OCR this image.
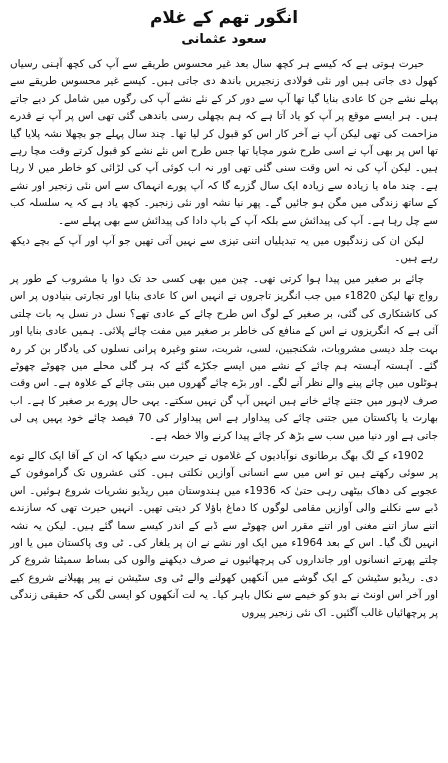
انگور تھم کے غلام
سعود عثمانی

حیرت ہوتی ہے کہ کیسے ہر کچھ سال بعد غیر محسوس طریقے سے آپ کی کچھ آہنی رسیاں کھول دی جاتی ہیں اور نئی فولادی زنجیریں باندھ دی جاتی ہیں۔ کیسے غیر محسوس طریقے سے پہلے نشے جن کا عادی بنایا گیا تھا آپ سے دور کر کے نئے نشے آپ کی رگوں میں شامل کر دیے جاتے ہیں۔ ہر ایسے موقع پر آپ کو یاد آتا ہے کہ ہم بچھلی رسی باندھی گئی تھی اس پر آپ نے قدرے مزاحمت کی تھی لیکن آپ نے آخر کار اس کو قبول کر لیا تھا۔ چند سال پہلے جو بچھلا نشہ پلایا گیا تھا اس پر بھی آپ نے اسی طرح شور مچایا تھا جس طرح اس نئے نشے کو قبول کرتے وقت مچا رہے ہیں۔ لیکن آپ کی نہ اس وقت سنی گئی تھی اور نہ اب کوئی آپ کی لڑائی کو خاطر میں لا رہا ہے۔ چند ماہ یا زیادہ سے زیادہ ایک سال گزرے گا کہ آپ پورے انہماک سے اس نئی زنجیر اور نشے کے ساتھ زندگی میں مگن ہو جائیں گے۔ پھر نیا نشہ اور نئی زنجیر۔ کچھ یاد ہے کہ یہ سلسلہ کب سے چل رہا ہے۔ آپ کی پیدائش سے بلکہ آپ کے باپ دادا کی پیدائش سے بھی پہلے سے۔

لیکن ان کی زندگیوں میں یہ تبدیلیاں اتنی تیزی سے نہیں آتی تھیں جو آپ اور آپ کے بچے دیکھ رہے ہیں۔

چائے بر صغیر میں پیدا ہوا کرتی تھی۔ چین میں بھی کسی حد تک دوا یا مشروب کے طور پر رواج تھا لیکن 1820ء میں جب انگریز تاجروں نے انہیں اس کا عادی بنایا اور تجارتی بنیادوں پر اس کی کاشتکاری کی گئی، بر صغیر کے لوگ اس طرح چائے کے عادی تھے؟ نسل در نسل یہ بات چلتی آئی ہے کہ انگریزوں نے اس کے منافع کی خاطر بر صغیر میں مفت چائے پلائی۔ ہمیں عادی بنایا اور بہت جلد دیسی مشروبات، شکنجبین، لسی، شربت، ستو وغیرہ پرانی نسلوں کی یادگار بن کر رہ گئے۔ آہستہ آہستہ ہم چائے کے نشے میں ایسے جکڑے گئے کہ ہر گلی محلے میں چھوٹے چھوٹے ہوٹلوں میں چائے پینے والے نظر آنے لگے۔ اور بڑے چائے گھروں میں بنتی چائے کے علاوہ ہے۔ اس وقت صرف لاہور میں جتنے چائے خانے ہیں انہیں آپ گن نہیں سکتے۔ یہی حال پورے بر صغیر کا ہے۔ اب بھارت یا پاکستان میں جتنی چائے کی پیداوار ہے اس پیداوار کی 70 فیصد چائے خود یہیں پی لی جاتی ہے اور دنیا میں سب سے بڑھ کر چائے پیدا کرنے والا خطہ ہے۔

1902ء کے لگ بھگ برطانوی نوآبادیوں کے غلاموں نے حیرت سے دیکھا کہ ان کے آقا ایک کالے توے پر سوئی رکھتے ہیں تو اس میں سے انسانی آوازیں نکلتی ہیں۔ کئی عشروں تک گراموفون کے عجوبے کی دھاک بیٹھی رہی حتیٰ کہ 1936ء میں ہندوستان میں ریڈیو نشریات شروع ہوئیں۔ اس ڈبے سے نکلنے والی آوازیں مقامی لوگوں کا دماغ باؤلا کر دیتی تھیں۔ انہیں حیرت تھی کہ سازندے اتنے ساز اتنے مغنی اور اتنے مقرر اس چھوٹے سے ڈبے کے اندر کیسے سما گئے ہیں۔ لیکن یہ نشہ انہیں لگ گیا۔ اس کے بعد 1964ء میں ایک اور نشے نے ان پر یلغار کی۔ ٹی وی پاکستان میں یا اور چلتے پھرتے انسانوں اور جانداروں کی پرچھائیوں نے صرف دیکھنے والوں کی بساط سمیٹنا شروع کر دی۔ ریڈیو سٹیشن کے ایک گوشے میں آنکھیں کھولنے والے ٹی وی سٹیشن نے پیر پھیلانے شروع کیے اور آخر اس اونٹ نے بدو کو خیمے سے نکال باہر کیا۔ یہ لت آنکھوں کو ایسی لگی کہ حقیقی زندگی پر پرچھائیاں غالب آگئیں۔ اک نئی زنجیر پیروں
